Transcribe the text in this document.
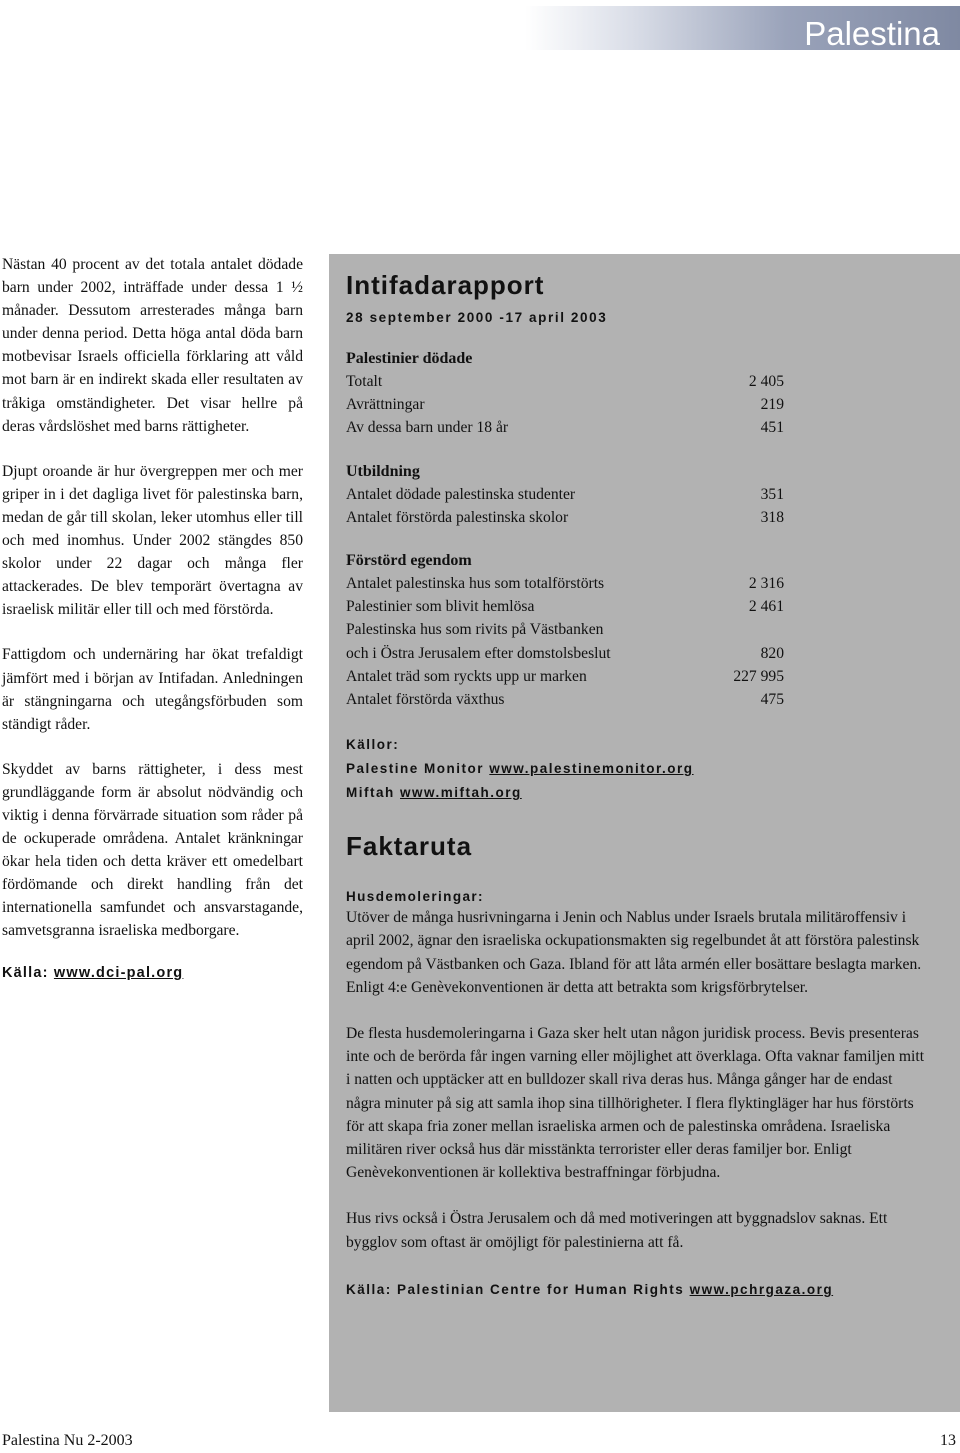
Palestina

Nästan 40 procent av det totala antalet dödade barn under 2002, inträffade under dessa 1 ½ månader. Dessutom arresterades många barn under denna period. Detta höga antal döda barn motbevisar Israels officiella förklaring att våld mot barn är en indirekt skada eller resultaten av tråkiga omständigheter. Det visar hellre på deras vårdslöshet med barns rättigheter.

Djupt oroande är hur övergreppen mer och mer griper in i det dagliga livet för palestinska barn, medan de går till skolan, leker utomhus eller till och med inomhus. Under 2002 stängdes 850 skolor under 22 dagar och många fler attackerades. De blev temporärt övertagna av israelisk militär eller till och med förstörda.

Fattigdom och undernäring har ökat trefaldigt jämfört med i början av Intifadan. Anledningen är stängningarna och utegångsförbuden som ständigt råder.

Skyddet av barns rättigheter, i dess mest grundläggande form är absolut nödvändig och viktig i denna förvärrade situation som råder på de ockuperade områdena. Antalet kränkningar ökar hela tiden och detta kräver ett omedelbart fördömande och direkt handling från det internationella samfundet och ansvarstagande, samvetsgranna israeliska medborgare.

Källa: www.dci-pal.org
Intifadarapport
28 september 2000 -17 april 2003
Palestinier dödade
Totalt	2 405
Avrättningar	219
Av dessa barn under 18 år	451
Utbildning
Antalet dödade palestinska studenter	351
Antalet förstörda palestinska skolor	318
Förstörd egendom
Antalet palestinska hus som totalförstörts	2 316
Palestinier som blivit hemlösa	2 461
Palestinska hus som rivits på Västbanken
och i Östra Jerusalem efter domstolsbeslut	820
Antalet träd som ryckts upp ur marken	227 995
Antalet förstörda växthus	475
Källor:
Palestine Monitor www.palestinemonitor.org
Miftah www.miftah.org
Faktaruta
Husdemoleringar:

Utöver de många husrivningarna i Jenin och Nablus under Israels brutala militäroffensiv i april 2002, ägnar den israeliska ockupationsmakten sig regelbundet åt att förstöra palestinsk egendom på Västbanken och Gaza. Ibland för att låta armén eller bosättare beslagta marken. Enligt 4:e Genèvekonventionen är detta att betrakta som krigsförbrytelser.

De flesta husdemoleringarna i Gaza sker helt utan någon juridisk process. Bevis presenteras inte och de berörda får ingen varning eller möjlighet att överklaga. Ofta vaknar familjen mitt i natten och upptäcker att en bulldozer skall riva deras hus. Många gånger har de endast några minuter på sig att samla ihop sina tillhörigheter. I flera flyktingläger har hus förstörts för att skapa fria zoner mellan israeliska armen och de palestinska områdena. Israeliska militären river också hus där misstänkta terrorister eller deras familjer bor. Enligt Genèvekonventionen är kollektiva bestraffningar förbjudna.

Hus rivs också i Östra Jerusalem och då med motiveringen att byggnadslov saknas. Ett bygglov som oftast är omöjligt för palestinierna att få.

Källa: Palestinian Centre for Human Rights www.pchrgaza.org
Palestina Nu 2-2003	13
